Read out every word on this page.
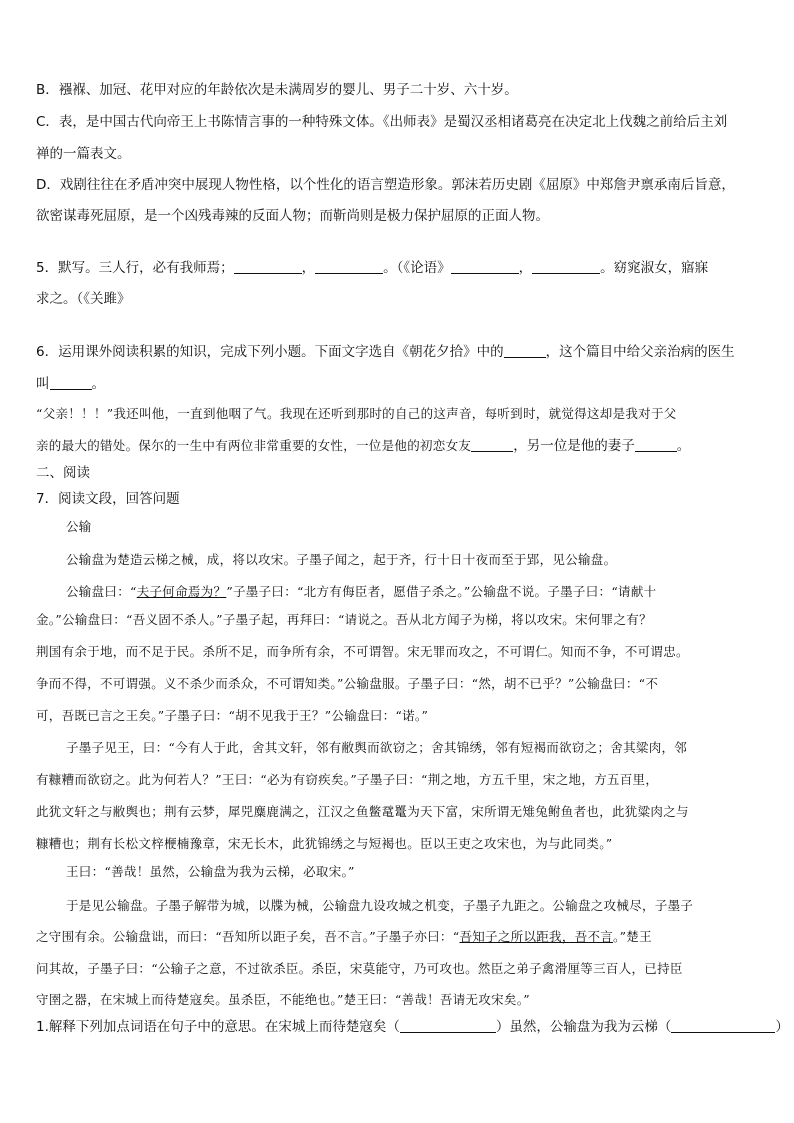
B．襁褓、加冠、花甲对应的年龄依次是未满周岁的婴儿、男子二十岁、六十岁。
C．表，是中国古代向帝王上书陈情言事的一种特殊文体。《出师表》是蜀汉丞相诸葛亮在决定北上伐魏之前给后主刘
禅的一篇表文。
D．戏剧往往在矛盾冲突中展现人物性格，以个性化的语言塑造形象。郭沫若历史剧《屈原》中郑詹尹禀承南后旨意，
欲密谋毒死屈原，是一个凶残毒辣的反面人物；而靳尚则是极力保护屈原的正面人物。
5．默写。三人行，必有我师焉；	，	。（《论语》	，	。窈窕淑女，寤寐
求之。（《关雎》
6．运用课外阅读积累的知识，完成下列小题。下面文字选自《朝花夕拾》中的	，这个篇目中给父亲治病的医生
叫	。
“父亲！！！”我还叫他，一直到他咽了气。我现在还听到那时的自己的这声音，每听到时，就觉得这却是我对于父
亲的最大的错处。保尔的一生中有两位非常重要的女性，一位是他的初恋女友	，另一位是他的妻子	。
二、阅读
7．阅读文段，回答问题
公输
公输盘为楚造云梯之械，成，将以攻宋。子墨子闻之，起于齐，行十日十夜而至于郢，见公输盘。
公输盘曰：“夫子何命焉为？”子墨子曰：“北方有侮臣者，愿借子杀之。”公输盘不说。子墨子曰：“请献十
金。”公输盘曰：“吾义固不杀人。”子墨子起，再拜曰：“请说之。吾从北方闻子为梯，将以攻宋。宋何罪之有？
荆国有余于地，而不足于民。杀所不足，而争所有余，不可谓智。宋无罪而攻之，不可谓仁。知而不争，不可谓忠。
争而不得，不可谓强。义不杀少而杀众，不可谓知类。”公输盘服。子墨子曰：“然，胡不已乎？”公输盘曰：“不
可，吾既已言之王矣。”子墨子曰：“胡不见我于王？”公输盘曰：“诺。”
子墨子见王，曰：“今有人于此，舍其文轩，邻有敝舆而欲窃之；舍其锦绣，邻有短褐而欲窃之；舍其粱肉，邻
有糠糟而欲窃之。此为何若人？”王曰：“必为有窃疾矣。”子墨子曰：“荆之地，方五千里，宋之地，方五百里，
此犹文轩之与敝舆也；荆有云梦，犀兕麋鹿满之，江汉之鱼鳖鼋鼍为天下富，宋所谓无雉兔鲋鱼者也，此犹粱肉之与
糠糟也；荆有长松文梓楩楠豫章，宋无长木，此犹锦绣之与短褐也。臣以王吏之攻宋也，为与此同类。”
王曰：“善哉！虽然，公输盘为我为云梯，必取宋。”
于是见公输盘。子墨子解带为城，以牒为械，公输盘九设攻城之机变，子墨子九距之。公输盘之攻械尽，子墨子
之守围有余。公输盘诎，而曰：“吾知所以距子矣，吾不言。”子墨子亦曰：“吾知子之所以距我，吾不言。”楚王
问其故，子墨子曰：“公输子之意，不过欲杀臣。杀臣，宋莫能守，乃可攻也。然臣之弟子禽滑厘等三百人，已持臣
守圉之器，在宋城上而待楚寇矣。虽杀臣，不能绝也。”楚王曰：“善哉！吾请无攻宋矣。”
1.解释下列加点词语在句子中的意思。在宋城上而待楚寇矣（	）虽然，公输盘为我为云梯（	）
